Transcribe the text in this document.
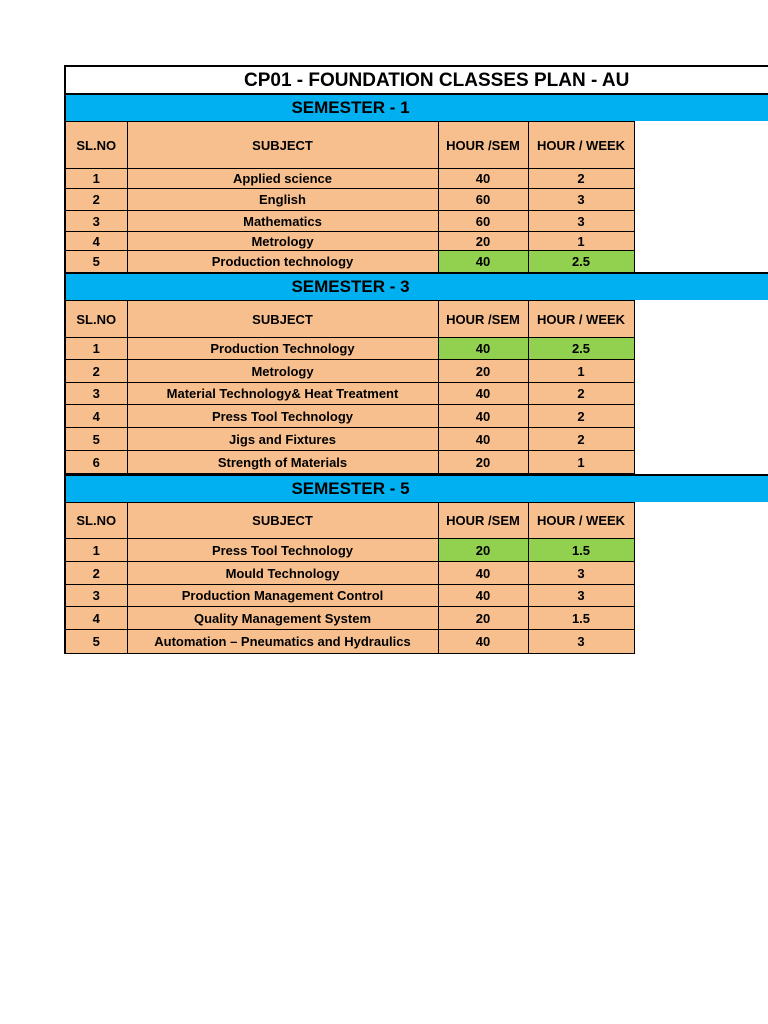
CP01 - FOUNDATION CLASSES PLAN - AU
SEMESTER - 1
SL.NO	SUBJECT	HOUR /SEM	HOUR / WEEK
1	Applied science	40	2
2	English	60	3
3	Mathematics	60	3
4	Metrology	20	1
5	Production technology	40	2.5
SEMESTER - 3
SL.NO	SUBJECT	HOUR /SEM	HOUR / WEEK
1	Production Technology	40	2.5
2	Metrology	20	1
3	Material Technology& Heat Treatment	40	2
4	Press Tool Technology	40	2
5	Jigs and Fixtures	40	2
6	Strength of Materials	20	1
SEMESTER - 5
SL.NO	SUBJECT	HOUR /SEM	HOUR / WEEK
1	Press Tool Technology	20	1.5
2	Mould Technology	40	3
3	Production Management Control	40	3
4	Quality Management System	20	1.5
5	Automation – Pneumatics and Hydraulics	40	3
